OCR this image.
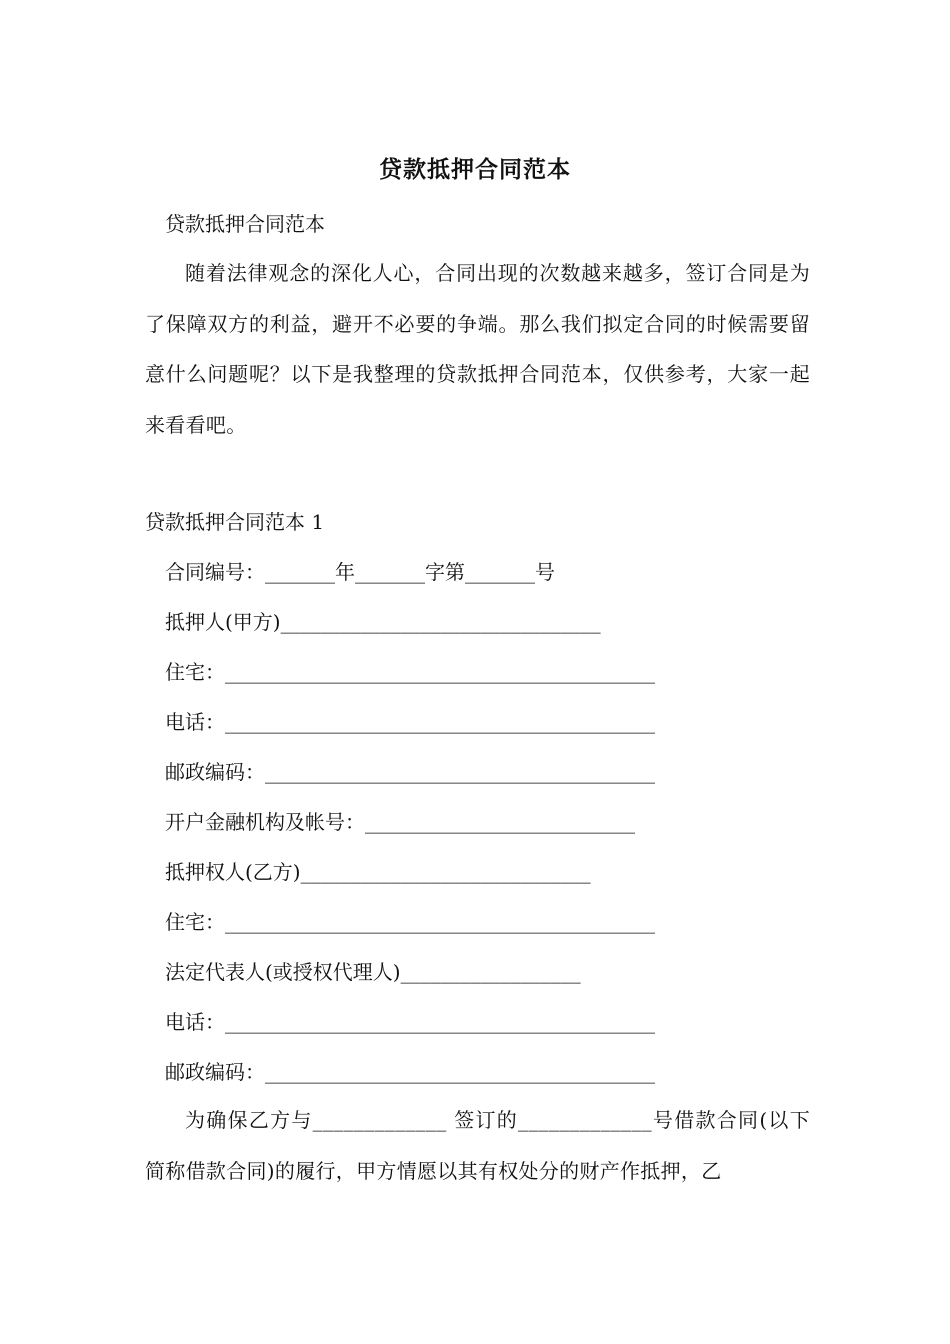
贷款抵押合同范本
贷款抵押合同范本
随着法律观念的深化人心，合同出现的次数越来越多，签订合同是为了保障双方的利益，避开不必要的争端。那么我们拟定合同的时候需要留意什么问题呢？以下是我整理的贷款抵押合同范本，仅供参考，大家一起来看看吧。
贷款抵押合同范本 1
合同编号：_______年_______字第_______号
抵押人(甲方)________________________________
住宅：___________________________________________
电话：___________________________________________
邮政编码：_______________________________________
开户金融机构及帐号：___________________________
抵押权人(乙方)_____________________________
住宅：___________________________________________
法定代表人(或授权代理人)__________________
电话：___________________________________________
邮政编码：_______________________________________
为确保乙方与_____________ 签订的_____________号借款合同(以下简称借款合同)的履行，甲方情愿以其有权处分的财产作抵押，乙
